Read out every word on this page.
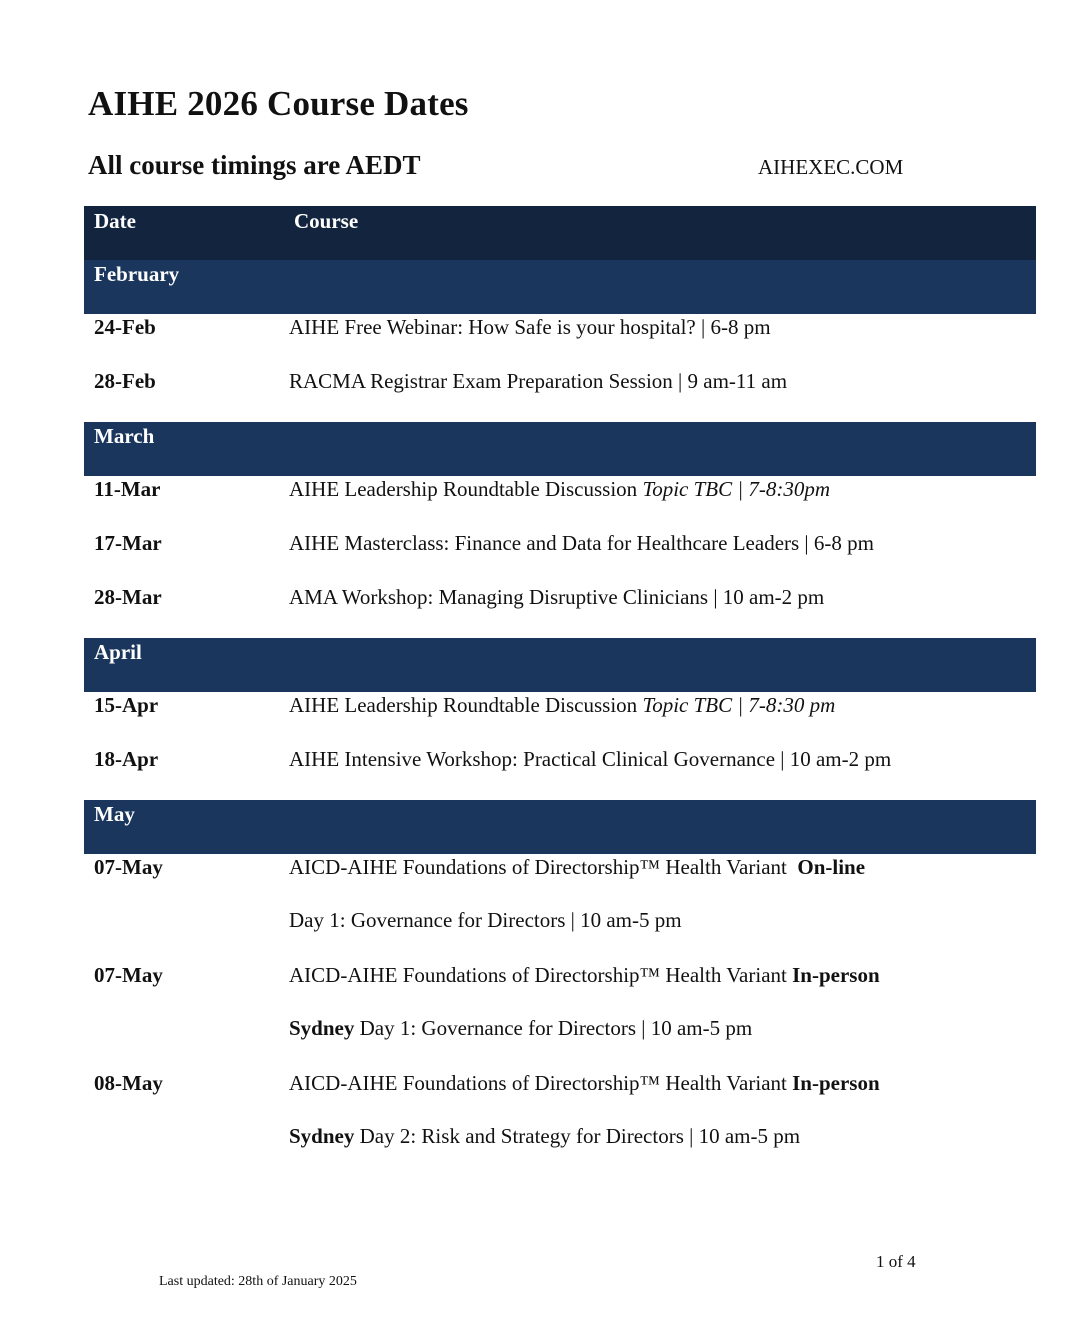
AIHE 2026 Course Dates
All course timings are AEDT	AIHEXEC.COM
Date	Course
February
24-Feb	AIHE Free Webinar: How Safe is your hospital? | 6-8 pm
28-Feb	RACMA Registrar Exam Preparation Session | 9 am-11 am
March
11-Mar	AIHE Leadership Roundtable Discussion Topic TBC | 7-8:30pm
17-Mar	AIHE Masterclass: Finance and Data for Healthcare Leaders | 6-8 pm
28-Mar	AMA Workshop: Managing Disruptive Clinicians | 10 am-2 pm
April
15-Apr	AIHE Leadership Roundtable Discussion Topic TBC | 7-8:30 pm
18-Apr	AIHE Intensive Workshop: Practical Clinical Governance | 10 am-2 pm
May
07-May	AICD-AIHE Foundations of Directorship™ Health Variant  On-line
Day 1: Governance for Directors | 10 am-5 pm
07-May	AICD-AIHE Foundations of Directorship™ Health Variant In-person
Sydney Day 1: Governance for Directors | 10 am-5 pm
08-May	AICD-AIHE Foundations of Directorship™ Health Variant In-person
Sydney Day 2: Risk and Strategy for Directors | 10 am-5 pm
1 of 4
Last updated: 28th of January 2025
